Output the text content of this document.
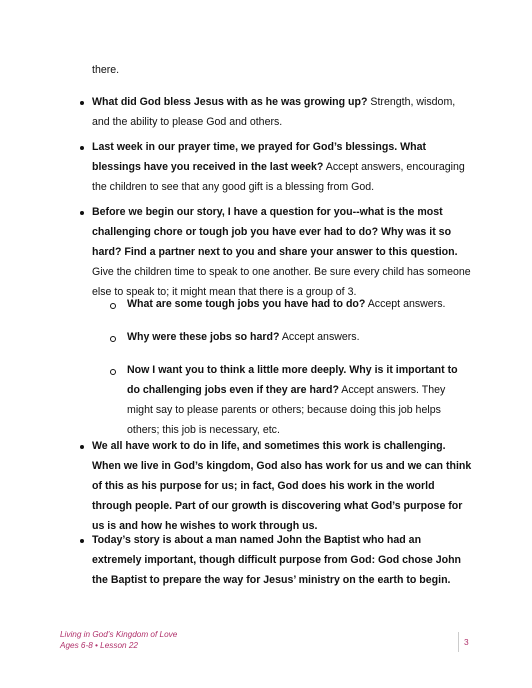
there.

What did God bless Jesus with as he was growing up? Strength, wisdom, and the ability to please God and others.

Last week in our prayer time, we prayed for God’s blessings. What blessings have you received in the last week? Accept answers, encouraging the children to see that any good gift is a blessing from God.

Before we begin our story, I have a question for you--what is the most challenging chore or tough job you have ever had to do? Why was it so hard? Find a partner next to you and share your answer to this question. Give the children time to speak to one another. Be sure every child has someone else to speak to; it might mean that there is a group of 3.

What are some tough jobs you have had to do? Accept answers.

Why were these jobs so hard? Accept answers.

Now I want you to think a little more deeply. Why is it important to do challenging jobs even if they are hard? Accept answers. They might say to please parents or others; because doing this job helps others; this job is necessary, etc.

We all have work to do in life, and sometimes this work is challenging. When we live in God’s kingdom, God also has work for us and we can think of this as his purpose for us; in fact, God does his work in the world through people. Part of our growth is discovering what God’s purpose for us is and how he wishes to work through us.

Today’s story is about a man named John the Baptist who had an extremely important, though difficult purpose from God: God chose John the Baptist to prepare the way for Jesus’ ministry on the earth to begin.

Living in God’s Kingdom of Love
Ages 6-8 • Lesson 22	3
